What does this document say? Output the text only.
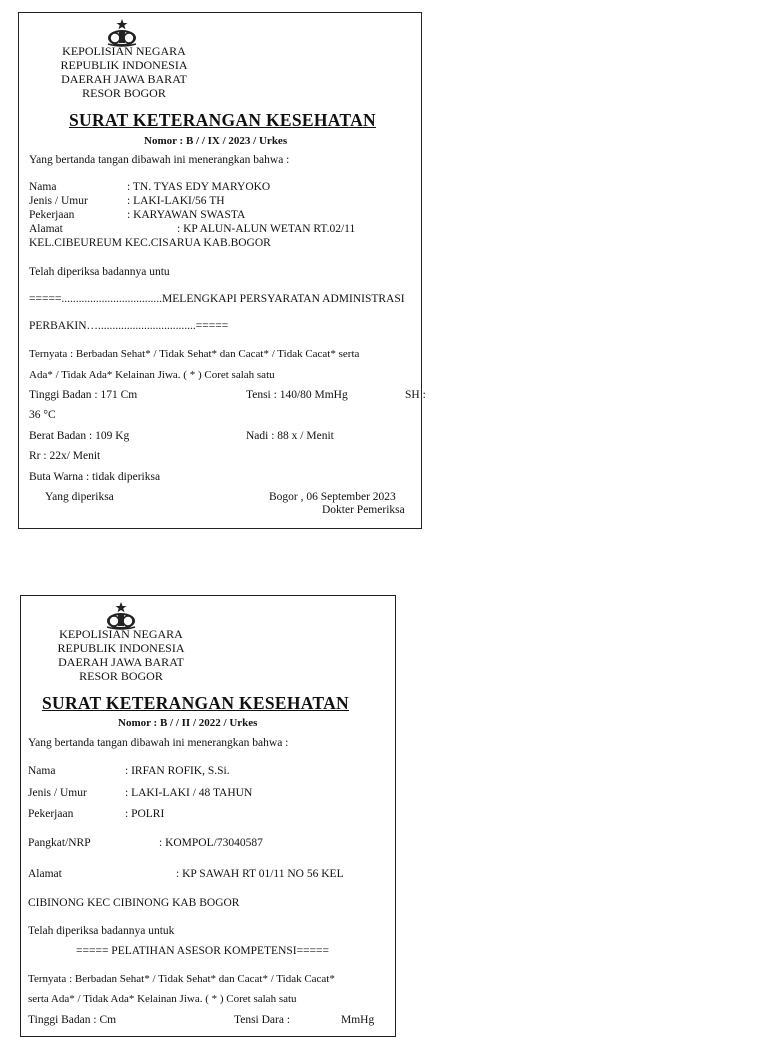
KEPOLISIAN NEGARA
REPUBLIK INDONESIA
DAERAH JAWA BARAT
RESOR BOGOR
SURAT KETERANGAN KESEHATAN
Nomor : B / / IX / 2023 / Urkes
Yang bertanda tangan dibawah ini menerangkan bahwa :
Nama	: TN. TYAS EDY MARYOKO
Jenis / Umur	: LAKI-LAKI/56 TH
Pekerjaan	: KARYAWAN SWASTA
Alamat	: KP ALUN-ALUN WETAN RT.02/11
KEL.CIBEUREUM KEC.CISARUA KAB.BOGOR
Telah diperiksa badannya untu
=====...................................MELENGKAPI PERSYARATAN ADMINISTRASI
PERBAKIN…..................................=====
Ternyata : Berbadan Sehat* / Tidak Sehat* dan Cacat* / Tidak Cacat* serta
Ada* / Tidak Ada* Kelainan Jiwa. ( * ) Coret salah satu
Tinggi Badan : 171 Cm	Tensi : 140/80 MmHg	SH :
36 °C
Berat Badan : 109 Kg	Nadi : 88 x / Menit
Rr : 22x/ Menit
Buta Warna : tidak diperiksa
Yang diperiksa	Bogor , 06 September 2023
Dokter Pemeriksa
KEPOLISIAN NEGARA
REPUBLIK INDONESIA
DAERAH JAWA BARAT
RESOR BOGOR
SURAT KETERANGAN KESEHATAN
Nomor : B / / II / 2022 / Urkes
Yang bertanda tangan dibawah ini menerangkan bahwa :
Nama	: IRFAN ROFIK, S.Si.
Jenis / Umur	: LAKI-LAKI / 48 TAHUN
Pekerjaan	: POLRI
Pangkat/NRP	: KOMPOL/73040587
Alamat	: KP SAWAH RT 01/11 NO 56 KEL
CIBINONG KEC CIBINONG KAB BOGOR
Telah diperiksa badannya untuk
===== PELATIHAN ASESOR KOMPETENSI=====
Ternyata : Berbadan Sehat* / Tidak Sehat* dan Cacat* / Tidak Cacat*
serta Ada* / Tidak Ada* Kelainan Jiwa. ( * ) Coret salah satu
Tinggi Badan : Cm	Tensi Dara :	MmHg
